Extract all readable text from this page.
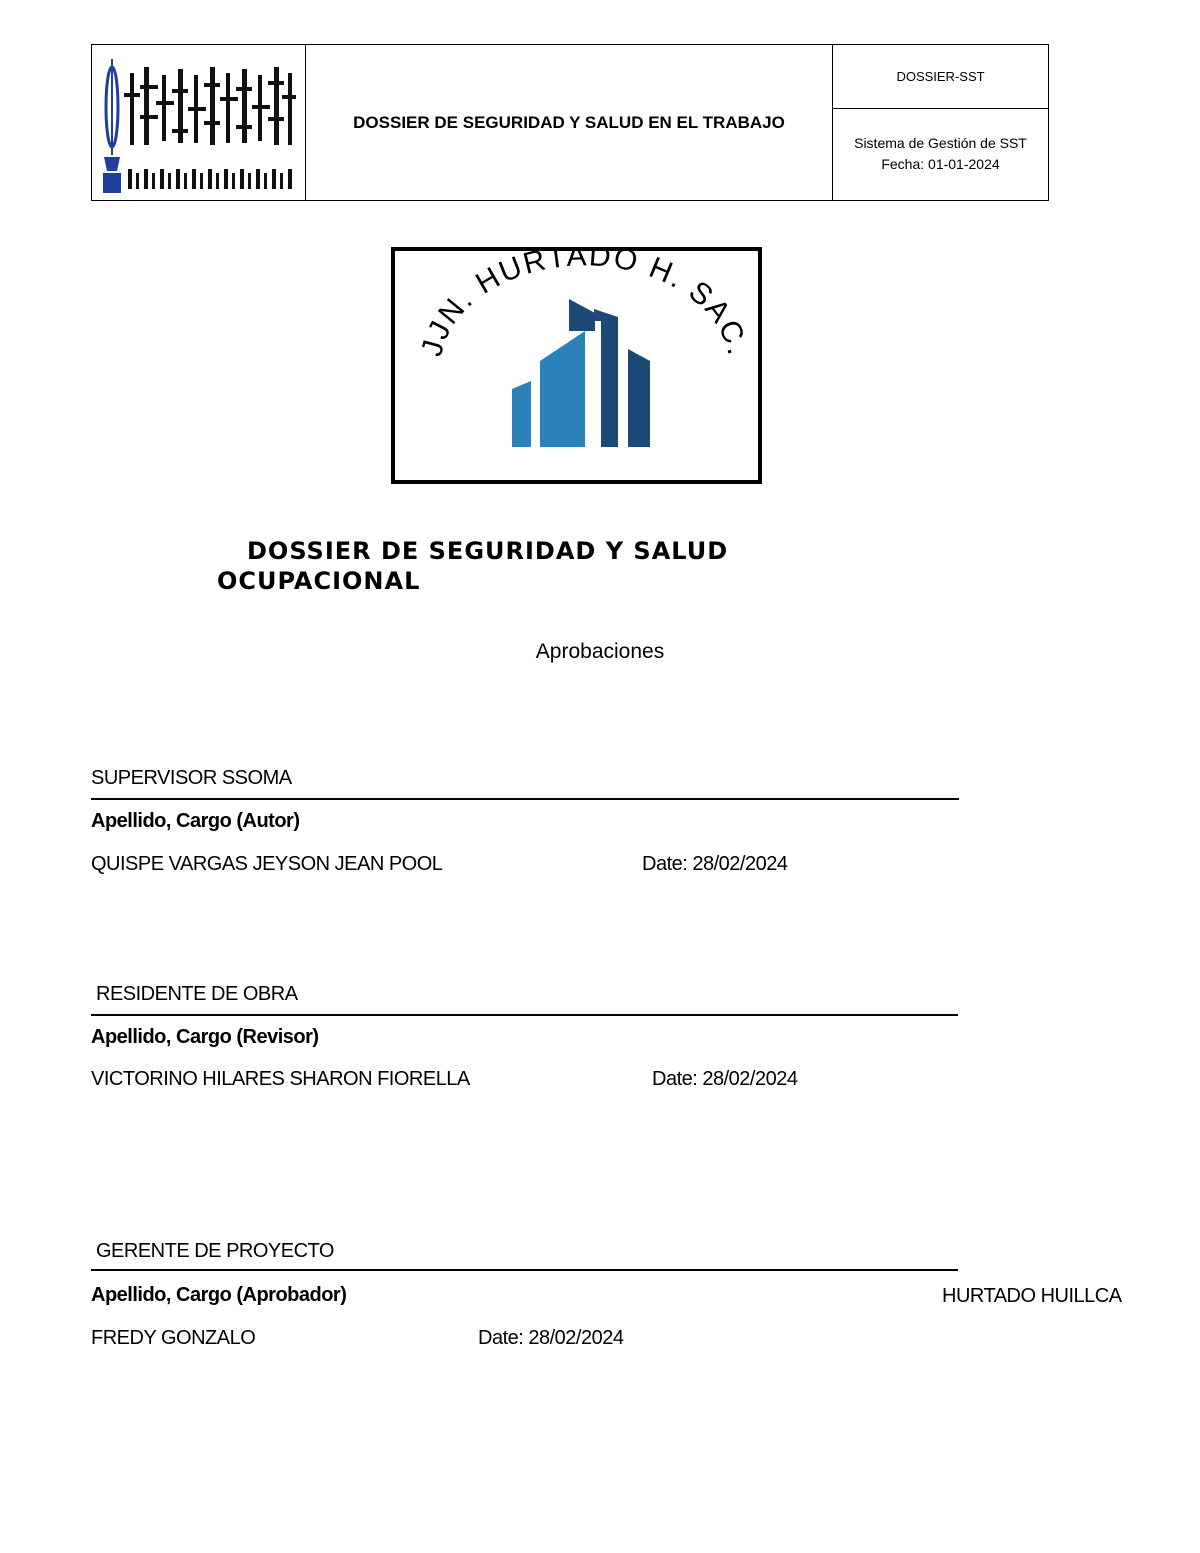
DOSSIER DE SEGURIDAD Y SALUD EN EL TRABAJO
DOSSIER-SST
Sistema de Gestión de SST
Fecha: 01-01-2024
JJN. HURTADO H. SAC.
DOSSIER DE SEGURIDAD Y SALUD
OCUPACIONAL
Aprobaciones
SUPERVISOR SSOMA
Apellido, Cargo (Autor)
QUISPE VARGAS JEYSON JEAN POOL	Date: 28/02/2024
RESIDENTE DE OBRA
Apellido, Cargo (Revisor)
VICTORINO HILARES SHARON FIORELLA	Date: 28/02/2024
GERENTE DE PROYECTO
Apellido, Cargo (Aprobador)	HURTADO HUILLCA
FREDY GONZALO	Date: 28/02/2024
